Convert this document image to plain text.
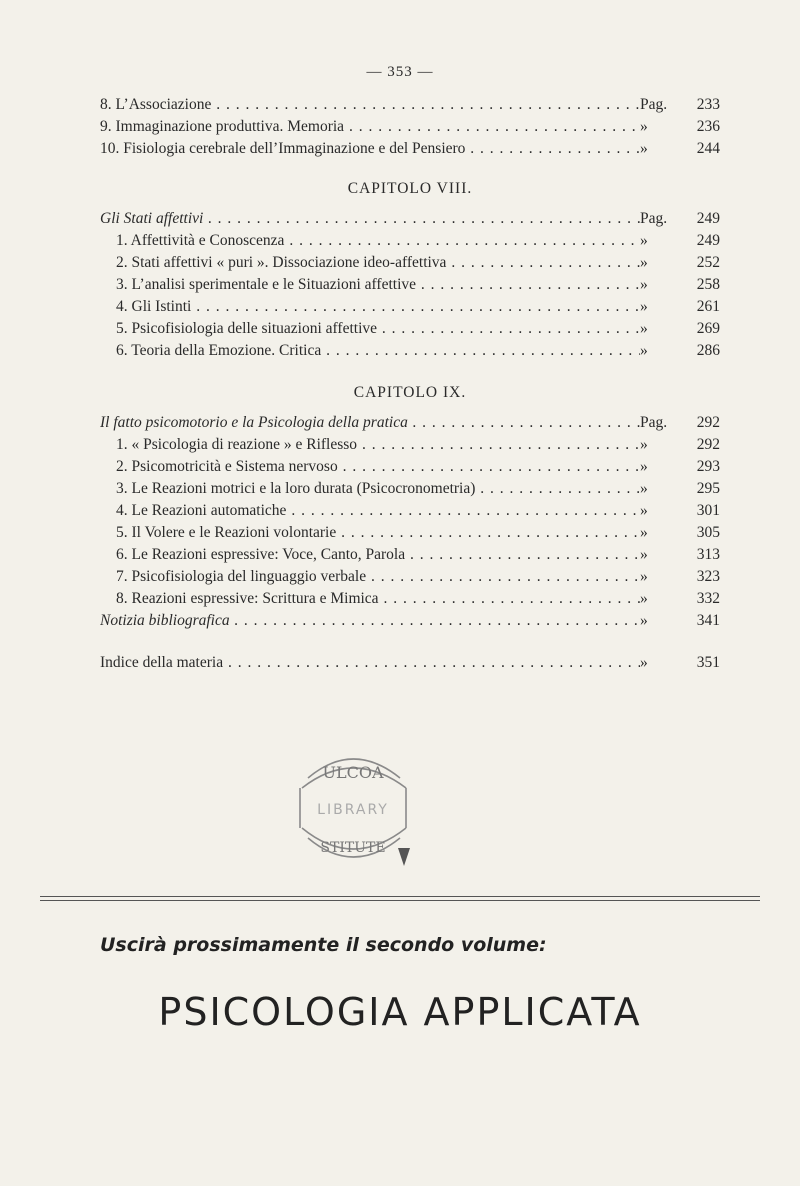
— 353 —
8. L’Associazione . . .	Pag.	233
9. Immaginazione produttiva. Memoria . . .	»	236
10. Fisiologia cerebrale dell’Immaginazione e del Pensiero . . .	»	244
CAPITOLO VIII.
Gli Stati affettivi . . .	Pag.	249
1. Affettività e Conoscenza . . .	»	249
2. Stati affettivi « puri ». Dissociazione ideo-affettiva . . .	»	252
3. L’analisi sperimentale e le Situazioni affettive . . .	»	258
4. Gli Istinti . . .	»	261
5. Psicofisiologia delle situazioni affettive . . .	»	269
6. Teoria della Emozione. Critica . . .	»	286
CAPITOLO IX.
Il fatto psicomotorio e la Psicologia della pratica . . .	Pag.	292
1. « Psicologia di reazione » e Riflesso . . .	»	292
2. Psicomotricità e Sistema nervoso . . .	»	293
3. Le Reazioni motrici e la loro durata (Psicocronometria) . . .	»	295
4. Le Reazioni automatiche . . .	»	301
5. Il Volere e le Reazioni volontarie . . .	»	305
6. Le Reazioni espressive: Voce, Canto, Parola . . .	»	313
7. Psicofisiologia del linguaggio verbale . . .	»	323
8. Reazioni espressive: Scrittura e Mimica . . .	»	332
Notizia bibliografica . . .	»	341
Indice della materia . . .	»	351
ULCOA
LIBRARY
STITUTE
Uscirà prossimamente il secondo volume:
PSICOLOGIA APPLICATA
